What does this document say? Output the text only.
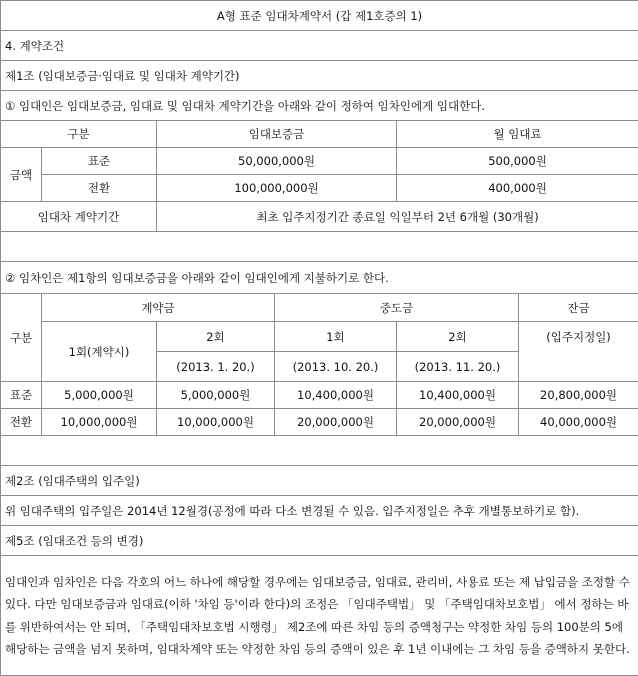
A형 표준 임대차계약서 (갑 제1호증의 1)					
4. 계약조건					
제1조 (임대보증금·임대료 및 임대차 계약기간)					
① 임대인은 임대보증금, 임대료 및 임대차 계약기간을 아래와 같이 정하여 임차인에게 임대한다.					
구분		임대보증금		월 임대료	
금액	표준	50,000,000원		500,000원	
	전환	100,000,000원		400,000원	
임대차 계약기간		최초 입주지정기간 종료일 익일부터 2년 6개월 (30개월)			

② 임차인은 제1항의 임대보증금을 아래와 같이 임대인에게 지불하기로 한다.					
구분	계약금		중도금		잔금
	1회(계약시)	2회	1회	2회	(입주지정일)
		(2013. 1. 20.)	(2013. 10. 20.)	(2013. 11. 20.)	
표준	5,000,000원	5,000,000원	10,400,000원	10,400,000원	20,800,000원
전환	10,000,000원	10,000,000원	20,000,000원	20,000,000원	40,000,000원

제2조 (임대주택의 입주일)					
위 임대주택의 입주일은 2014년 12월경(공정에 따라 다소 변경될 수 있음. 입주지정일은 추후 개별통보하기로 함).					
제5조 (임대조건 등의 변경)					
임대인과 임차인은 다음 각호의 어느 하나에 해당할 경우에는 임대보증금, 임대료, 관리비, 사용료 또는 제 납입금을 조정할 수 있다. 다만 임대보증금과 임대료(이하 '차임 등'이라 한다)의 조정은 「임대주택법」 및 「주택임대차보호법」 에서 정하는 바를 위반하여서는 안 되며, 「주택임대차보호법 시행령」 제2조에 따른 차임 등의 증액청구는 약정한 차임 등의 100분의 5에 해당하는 금액을 넘지 못하며, 임대차계약 또는 약정한 차임 등의 증액이 있은 후 1년 이내에는 그 차임 등을 증액하지 못한다.					
